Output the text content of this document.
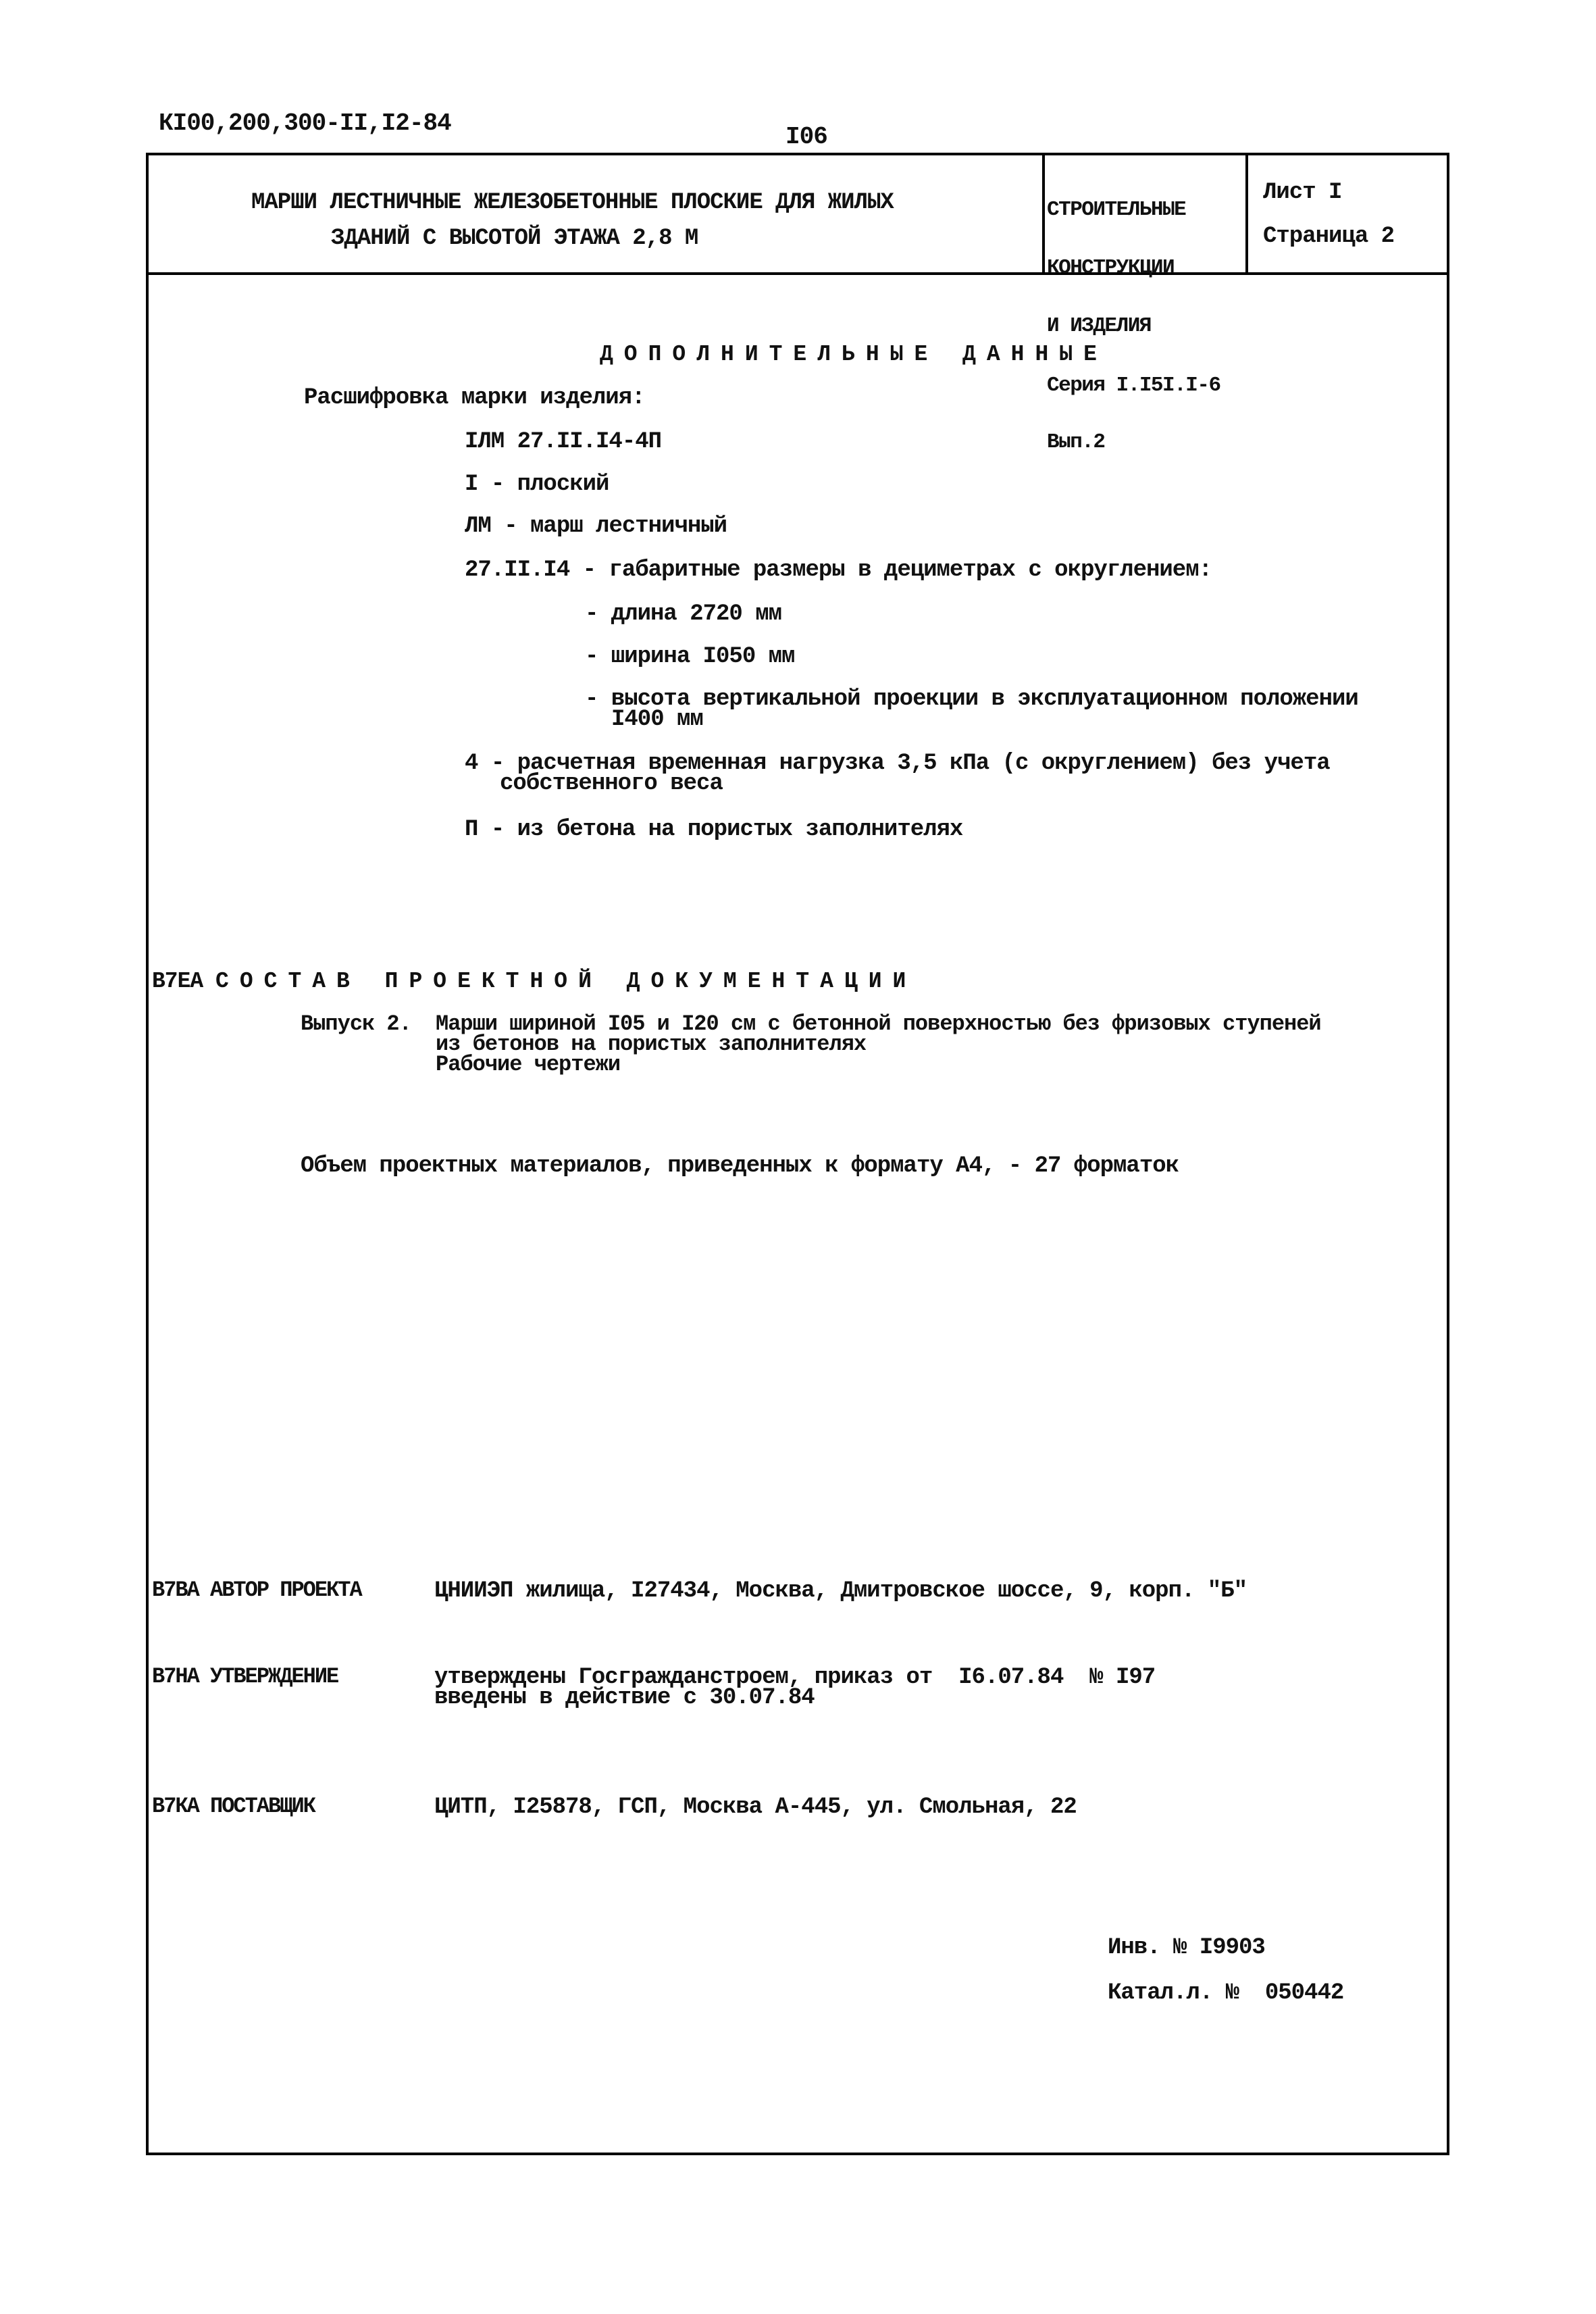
КI00,200,300-II,I2-84	I06
МАРШИ ЛЕСТНИЧНЫЕ ЖЕЛЕЗОБЕТОННЫЕ ПЛОСКИЕ ДЛЯ ЖИЛЫХ
ЗДАНИЙ С ВЫСОТОЙ ЭТАЖА 2,8 М

СТРОИТЕЛЬНЫЕ

КОНСТРУКЦИИ

И ИЗДЕЛИЯ

Серия I.I5I.I-6

Вып.2

Лист I
Страница 2
ДОПОЛНИТЕЛЬНЫЕ ДАННЫЕ
Расшифровка марки изделия:
IЛМ 27.II.I4-4П
I - плоский
ЛМ - марш лестничный
27.II.I4 - габаритные размеры в дециметрах с округлением:
- длина 2720 мм
- ширина I050 мм
- высота вертикальной проекции в эксплуатационном положении
I400 мм
4 - расчетная временная нагрузка 3,5 кПа (с округлением) без учета
собственного веса
П - из бетона на пористых заполнителях
В7ЕА СОСТАВ ПРОЕКТНОЙ ДОКУМЕНТАЦИИ
Выпуск 2. Марши шириной I05 и I20 см с бетонной поверхностью без фризовых ступеней
из бетонов на пористых заполнителях
Рабочие чертежи
Объем проектных материалов, приведенных к формату А4, - 27 форматок
В7ВА АВТОР ПРОЕКТА	ЦНИИЭП жилища, I27434, Москва, Дмитровское шоссе, 9, корп. "Б"
В7НА УТВЕРЖДЕНИЕ	утверждены Госгражданстроем, приказ от  I6.07.84  № I97
введены в действие с 30.07.84
В7КА ПОСТАВЩИК	ЦИТП, I25878, ГСП, Москва А-445, ул. Смольная, 22
Инв. № I9903
Катал.л. №  050442
